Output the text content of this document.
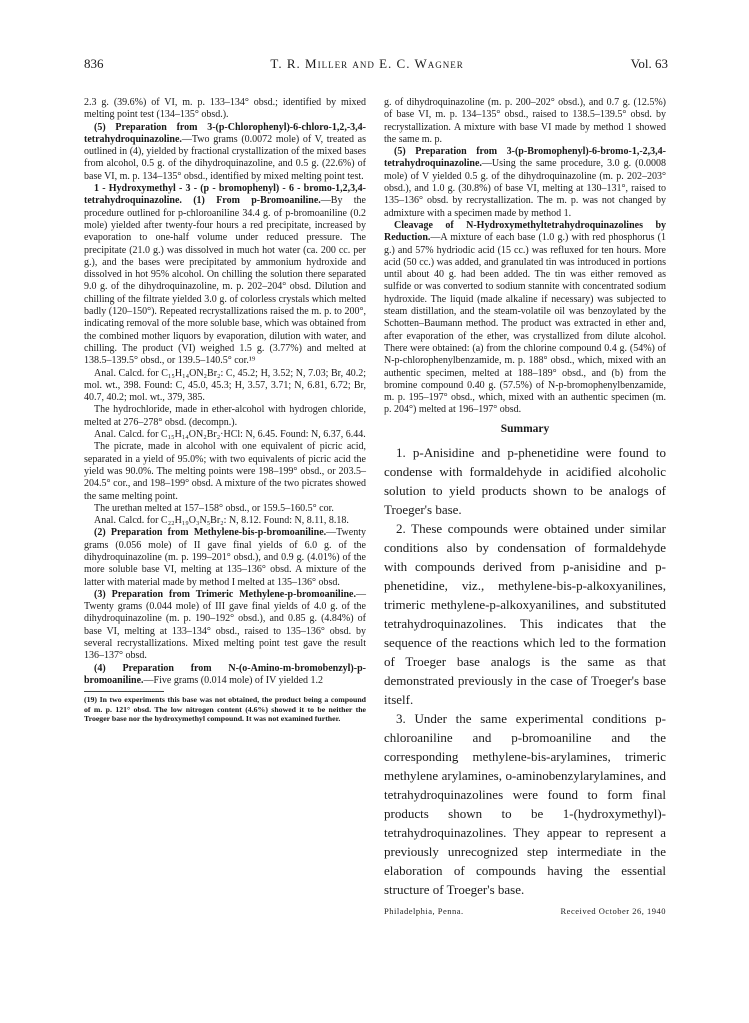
836	T. R. Miller and E. C. Wagner	Vol. 63

2.3 g. (39.6%) of VI, m. p. 133–134° obsd.; identified by mixed melting point test (134–135° obsd.).

(5) Preparation from 3-(p-Chlorophenyl)-6-chloro-1,2,-3,4-tetrahydroquinazoline.—Two grams (0.0072 mole) of V, treated as outlined in (4), yielded by fractional crystallization of the mixed bases from alcohol, 0.5 g. of the dihydroquinazoline, and 0.5 g. (22.6%) of base VI, m. p. 134–135° obsd., identified by mixed melting point test.

1 - Hydroxymethyl - 3 - (p - bromophenyl) - 6 - bromo-1,2,3,4-tetrahydroquinazoline. (1) From p-Bromoaniline.—By the procedure outlined for p-chloroaniline 34.4 g. of p-bromoaniline (0.2 mole) yielded after twenty-four hours a red precipitate, increased by evaporation to one-half volume under reduced pressure. The precipitate (21.0 g.) was dissolved in much hot water (ca. 200 cc. per g.), and the bases were precipitated by ammonium hydroxide and dissolved in hot 95% alcohol. On chilling the solution there separated 9.0 g. of the dihydroquinazoline, m. p. 202–204° obsd. Dilution and chilling of the filtrate yielded 3.0 g. of colorless crystals which melted badly (120–150°). Repeated recrystallizations raised the m. p. to 200°, indicating removal of the more soluble base, which was obtained from the combined mother liquors by evaporation, dilution with water, and chilling. The product (VI) weighed 1.5 g. (3.77%) and melted at 138.5–139.5° obsd., or 139.5–140.5° cor.¹⁹

Anal. Calcd. for C₁₅H₁₄ON₂Br₂: C, 45.2; H, 3.52; N, 7.03; Br, 40.2; mol. wt., 398. Found: C, 45.0, 45.3; H, 3.57, 3.71; N, 6.81, 6.72; Br, 40.7, 40.2; mol. wt., 379, 385.

The hydrochloride, made in ether-alcohol with hydrogen chloride, melted at 276–278° obsd. (decompn.).

Anal. Calcd. for C₁₅H₁₄ON₂Br₂·HCl: N, 6.45. Found: N, 6.37, 6.44.

The picrate, made in alcohol with one equivalent of picric acid, separated in a yield of 95.0%; with two equivalents of picric acid the yield was 90.0%. The melting points were 198–199° obsd., or 203.5–204.5° cor., and 198–199° obsd. A mixture of the two picrates showed the same melting point.

The urethan melted at 157–158° obsd., or 159.5–160.5° cor.

Anal. Calcd. for C₂₂H₁₉O₃N₅Br₂: N, 8.12. Found: N, 8.11, 8.18.

(2) Preparation from Methylene-bis-p-bromoaniline.—Twenty grams (0.056 mole) of II gave final yields of 6.0 g. of the dihydroquinazoline (m. p. 199–201° obsd.), and 0.9 g. (4.01%) of the more soluble base VI, melting at 135–136° obsd. A mixture of the latter with material made by method I melted at 135–136° obsd.

(3) Preparation from Trimeric Methylene-p-bromoaniline.—Twenty grams (0.044 mole) of III gave final yields of 4.0 g. of the dihydroquinazoline (m. p. 190–192° obsd.), and 0.85 g. (4.84%) of base VI, melting at 133–134° obsd., raised to 135–136° obsd. by several recrystallizations. Mixed melting point test gave the result 136–137° obsd.

(4) Preparation from N-(o-Amino-m-bromobenzyl)-p-bromoaniline.—Five grams (0.014 mole) of IV yielded 1.2

(19) In two experiments this base was not obtained, the product being a compound of m. p. 121° obsd. The low nitrogen content (4.6%) showed it to be neither the Troeger base nor the hydroxymethyl compound. It was not examined further.

g. of dihydroquinazoline (m. p. 200–202° obsd.), and 0.7 g. (12.5%) of base VI, m. p. 134–135° obsd., raised to 138.5–139.5° obsd. by recrystallization. A mixture with base VI made by method 1 showed the same m. p.

(5) Preparation from 3-(p-Bromophenyl)-6-bromo-1,-2,3,4-tetrahydroquinazoline.—Using the same procedure, 3.0 g. (0.0008 mole) of V yielded 0.5 g. of the dihydroquinazoline (m. p. 202–203° obsd.), and 1.0 g. (30.8%) of base VI, melting at 130–131°, raised to 135–136° obsd. by recrystallization. The m. p. was not changed by admixture with a specimen made by method 1.

Cleavage of N-Hydroxymethyltetrahydroquinazolines by Reduction.—A mixture of each base (1.0 g.) with red phosphorus (1 g.) and 57% hydriodic acid (15 cc.) was refluxed for ten hours. More acid (50 cc.) was added, and granulated tin was introduced in portions until about 40 g. had been added. The tin was either removed as sulfide or was converted to sodium stannite with concentrated sodium hydroxide. The liquid (made alkaline if necessary) was subjected to steam distillation, and the steam-volatile oil was benzoylated by the Schotten–Baumann method. The product was extracted in ether and, after evaporation of the ether, was crystallized from dilute alcohol. There were obtained: (a) from the chlorine compound 0.4 g. (54%) of N-p-chlorophenylbenzamide, m. p. 188° obsd., which, mixed with an authentic specimen, melted at 188–189° obsd., and (b) from the bromine compound 0.40 g. (57.5%) of N-p-bromophenylbenzamide, m. p. 195–197° obsd., which, mixed with an authentic specimen (m. p. 204°) melted at 196–197° obsd.

Summary

1. p-Anisidine and p-phenetidine were found to condense with formaldehyde in acidified alcoholic solution to yield products shown to be analogs of Troeger's base.

2. These compounds were obtained under similar conditions also by condensation of formaldehyde with compounds derived from p-anisidine and p-phenetidine, viz., methylene-bis-p-alkoxyanilines, trimeric methylene-p-alkoxyanilines, and substituted tetrahydroquinazolines. This indicates that the sequence of the reactions which led to the formation of Troeger base analogs is the same as that demonstrated previously in the case of Troeger's base itself.

3. Under the same experimental conditions p-chloroaniline and p-bromoaniline and the corresponding methylene-bis-arylamines, trimeric methylene arylamines, o-aminobenzylarylamines, and tetrahydroquinazolines were found to form final products shown to be 1-(hydroxymethyl)-tetrahydroquinazolines. They appear to represent a previously unrecognized step intermediate in the elaboration of compounds having the essential structure of Troeger's base.

Philadelphia, Penna.	Received October 26, 1940
